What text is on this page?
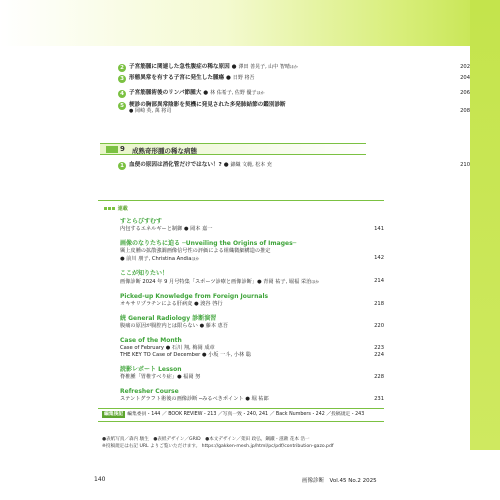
2 子宮筋腫に関連した急性腹症の稀な原因 ● 澤田 善晃子, 山中 智晴ほか	202
3 形態異常を有する子宮に発生した腫瘍 ● 日野 将吾	204
4 子宮筋腫術後のリンパ節腫大 ● 林 佑希子, 佐野 優子ほか	206
5 梗診の胸部異常陰影を契機に発見された多発肺結節の鑑別診断
● 岡崎 英, 萬 将司	208
9 成熟奇形腫の稀な病態
1 血便の原因は消化管だけではない！? ● 錦織 文範, 松本 充	210
連載
すとらびすむす
内包するエネルギーと制御 ● 岡本 嘉一	141
画像のなりたちに迫る ─Unveiling the Origins of Images─
颞上皮腫の拡散強調画像信号性の評価による組織微細構造の推定
● 前川 朋子, Christina Andiaほか	142
ここが知りたい！
画像診断 2024 年 9 月号特集「スポーツ診療と画像診断」● 青岡 祐子, 堀福 栄治ほか	214
Picked-up Knowledge from Foreign Journals
オキサリプラチンによる肝病変 ● 渡谷 啓行	218
続 General Radiology 診断演習
腹痛の原因が腸腔内とは限らない ● 藤本 恵吾	220
Case of the Month
Case of February ● 石川 翔, 梅岡 成章	223
THE KEY TO Case of December ● 小坂 一斗, 小林 聡	224
読影レポート Lesson
脊椎腫「胃椎すべり症」● 福岡 努	228
Refresher Course
ステントグラフト術後の画像診断 ─みるべきポイント ● 堀 祐郎	231
編集後記 編集委員・144 ／ BOOK REVIEW・213 ／写真一致・240, 241 ／ Back Numbers・242 ／投稿規定・243
●表紙写真／森内 駿生 ●表紙デザイン／GRID ●本文デザイン／架田 政弘，鋼鐵・滋敵 花本 浩一
※投稿規定は右記 URL よりご覧いただけます。 https://gakken-mesh.jp/html/pc/pdf/contribution-gazo.pdf
140	画像診断　Vol.45 No.2 2025
